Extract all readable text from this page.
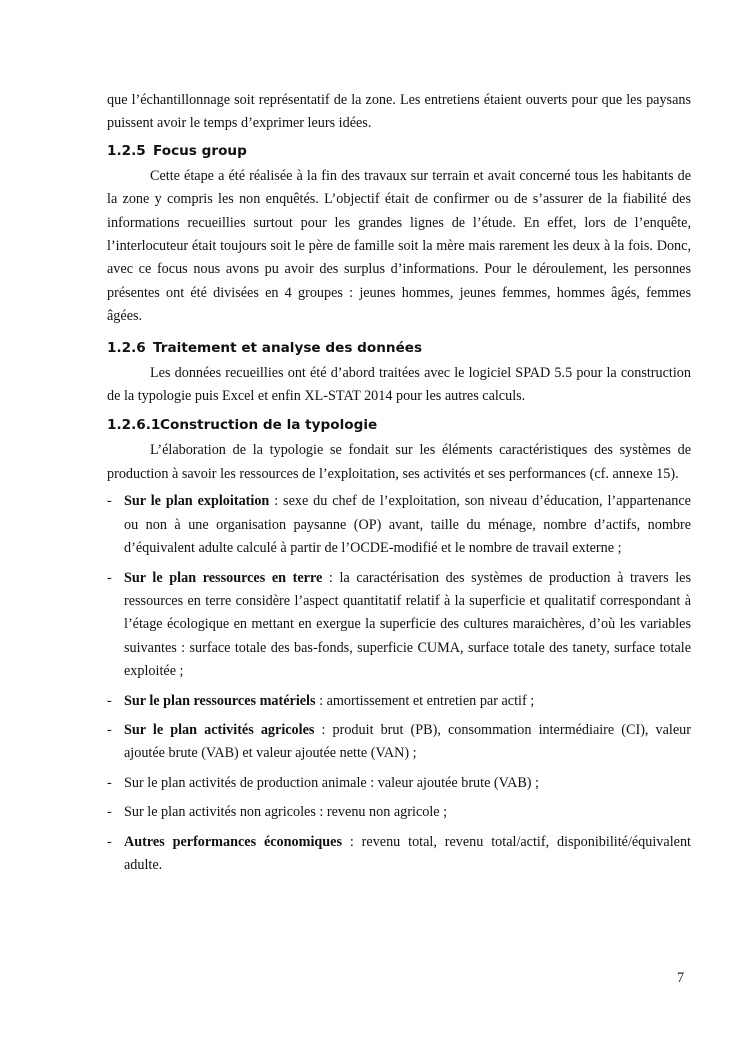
que l’échantillonnage soit représentatif de la zone. Les entretiens étaient ouverts pour que les paysans puissent avoir le temps d’exprimer leurs idées.

1.2.5 Focus group

Cette étape a été réalisée à la fin des travaux sur terrain et avait concerné tous les habitants de la zone y compris les non enquêtés. L’objectif était de confirmer ou de s’assurer de la fiabilité des informations recueillies surtout pour les grandes lignes de l’étude. En effet, lors de l’enquête, l’interlocuteur était toujours soit le père de famille soit la mère mais rarement les deux à la fois. Donc, avec ce focus nous avons pu avoir des surplus d’informations. Pour le déroulement, les personnes présentes ont été divisées en 4 groupes : jeunes hommes, jeunes femmes, hommes âgés, femmes âgées.

1.2.6 Traitement et analyse des données

Les données recueillies ont été d’abord traitées avec le logiciel SPAD 5.5 pour la construction de la typologie puis Excel et enfin XL-STAT 2014 pour les autres calculs.

1.2.6.1Construction de la typologie

L’élaboration de la typologie se fondait sur les éléments caractéristiques des systèmes de production à savoir les ressources de l’exploitation, ses activités et ses performances (cf. annexe 15).

- Sur le plan exploitation : sexe du chef de l’exploitation, son niveau d’éducation, l’appartenance ou non à une organisation paysanne (OP) avant, taille du ménage, nombre d’actifs, nombre d’équivalent adulte calculé à partir de l’OCDE-modifié et le nombre de travail externe ;
- Sur le plan ressources en terre : la caractérisation des systèmes de production à travers les ressources en terre considère l’aspect quantitatif relatif à la superficie et qualitatif correspondant à l’étage écologique en mettant en exergue la superficie des cultures maraichères, d’où les variables suivantes : surface totale des bas-fonds, superficie CUMA, surface totale des tanety, surface totale exploitée ;
- Sur le plan ressources matériels : amortissement et entretien par actif ;
- Sur le plan activités agricoles : produit brut (PB), consommation intermédiaire (CI), valeur ajoutée brute (VAB) et valeur ajoutée nette (VAN) ;
- Sur le plan activités de production animale : valeur ajoutée brute (VAB) ;
- Sur le plan activités non agricoles : revenu non agricole ;
- Autres performances économiques : revenu total, revenu total/actif, disponibilité/équivalent adulte.
7
